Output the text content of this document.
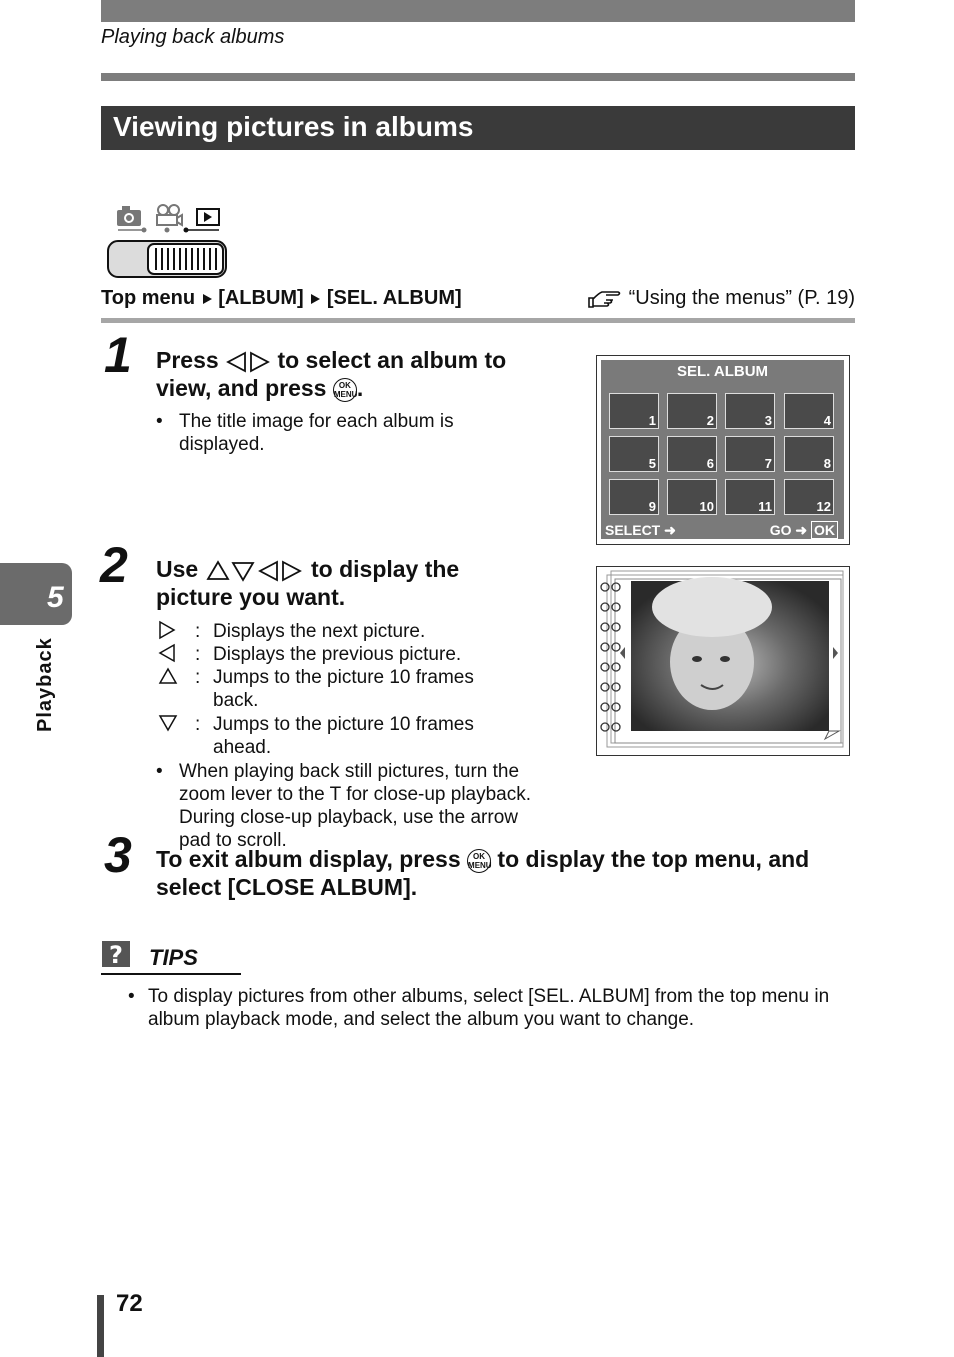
Playing back albums
Viewing pictures in albums
Top menu [ALBUM] [SEL. ALBUM]	“Using the menus” (P. 19)
1 Press	to select an album to
view, and press OK
MENU.
• The title image for each album is displayed.
SEL. ALBUM
1	2	3	4
5	6	7	8
9	10	11	12
SELECT ➜	GO ➜ OK
2 Use	to display the
picture you want.
: Displays the next picture.
: Displays the previous picture.
: Jumps to the picture 10 frames back.
: Jumps to the picture 10 frames ahead.
• When playing back still pictures, turn the zoom lever to the T for close-up playback. During close-up playback, use the arrow pad to scroll.
3 To exit album display, press OK
MENU to display the top menu, and
select [CLOSE ALBUM].
? TIPS
• To display pictures from other albums, select [SEL. ALBUM] from the top menu in album playback mode, and select the album you want to change.
5
Playback
72
